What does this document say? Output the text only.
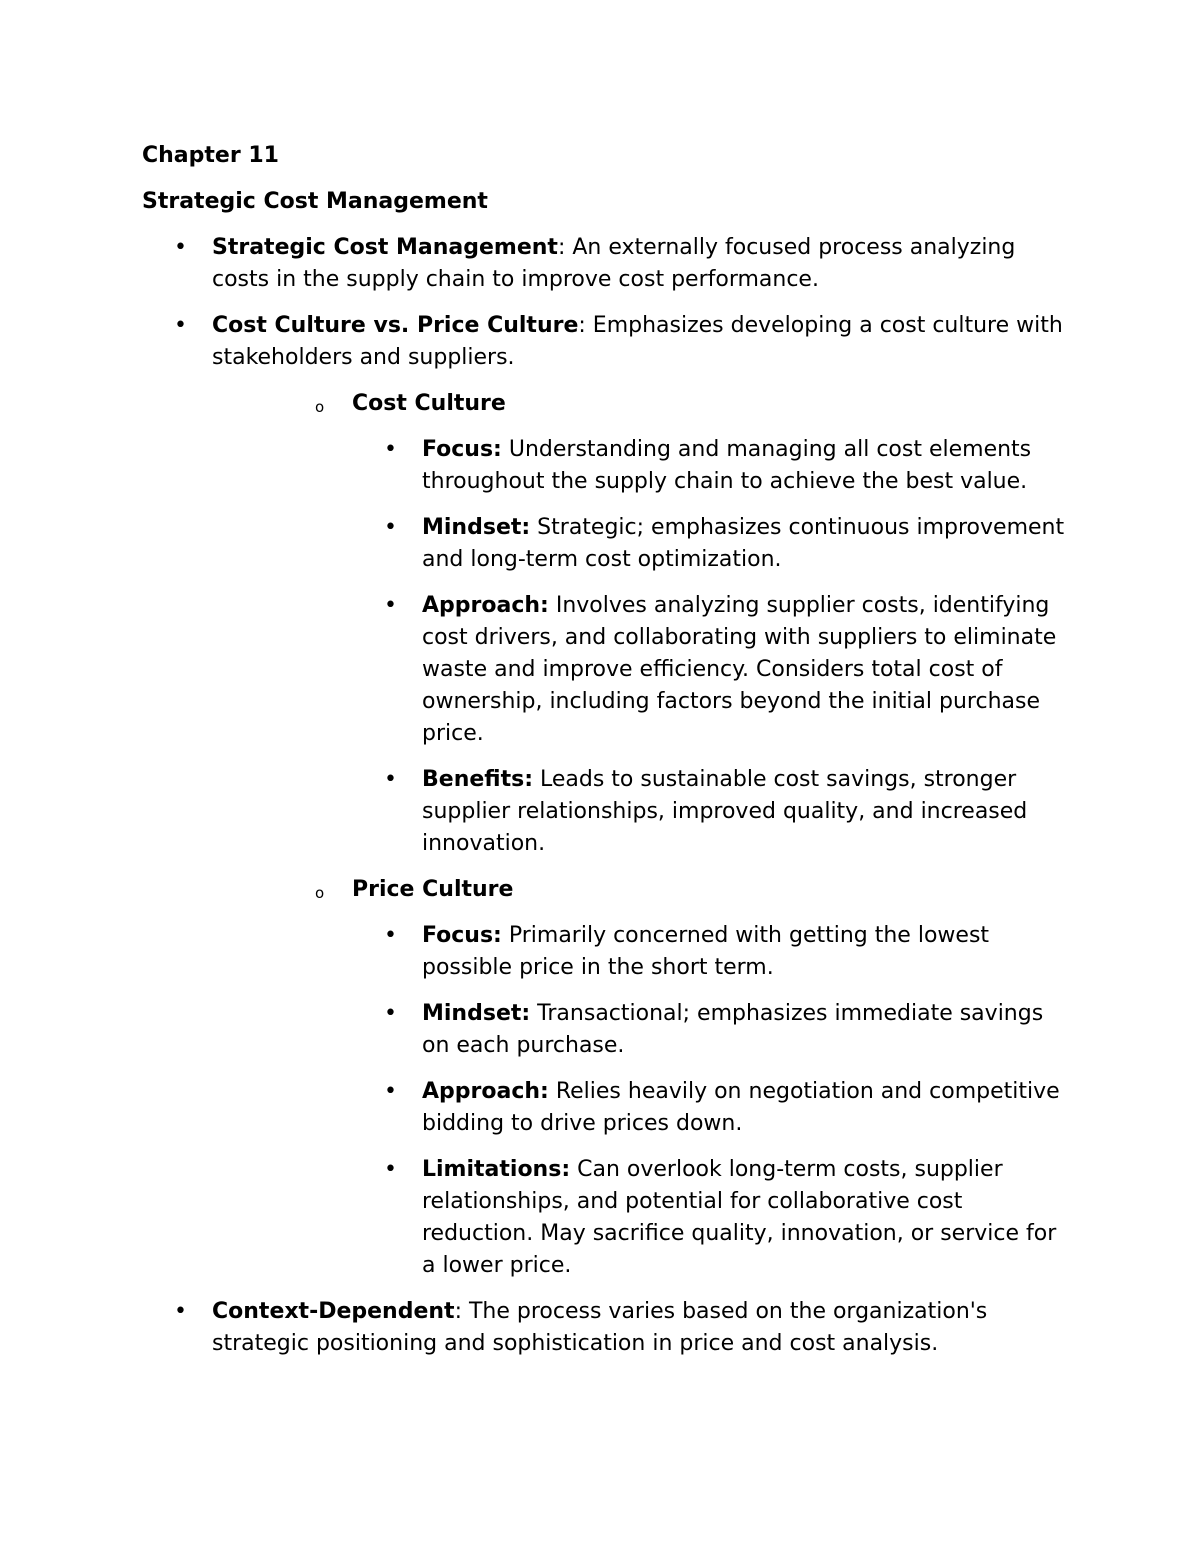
Chapter 11
Strategic Cost Management
• Strategic Cost Management: An externally focused process analyzing costs in the supply chain to improve cost performance.
• Cost Culture vs. Price Culture: Emphasizes developing a cost culture with stakeholders and suppliers.
o Cost Culture
• Focus: Understanding and managing all cost elements throughout the supply chain to achieve the best value.
• Mindset: Strategic; emphasizes continuous improvement and long-term cost optimization.
• Approach: Involves analyzing supplier costs, identifying cost drivers, and collaborating with suppliers to eliminate waste and improve efficiency. Considers total cost of ownership, including factors beyond the initial purchase price.
• Benefits: Leads to sustainable cost savings, stronger supplier relationships, improved quality, and increased innovation.
o Price Culture
• Focus: Primarily concerned with getting the lowest possible price in the short term.
• Mindset: Transactional; emphasizes immediate savings on each purchase.
• Approach: Relies heavily on negotiation and competitive bidding to drive prices down.
• Limitations: Can overlook long-term costs, supplier relationships, and potential for collaborative cost reduction. May sacrifice quality, innovation, or service for a lower price.
• Context-Dependent: The process varies based on the organization's strategic positioning and sophistication in price and cost analysis.
